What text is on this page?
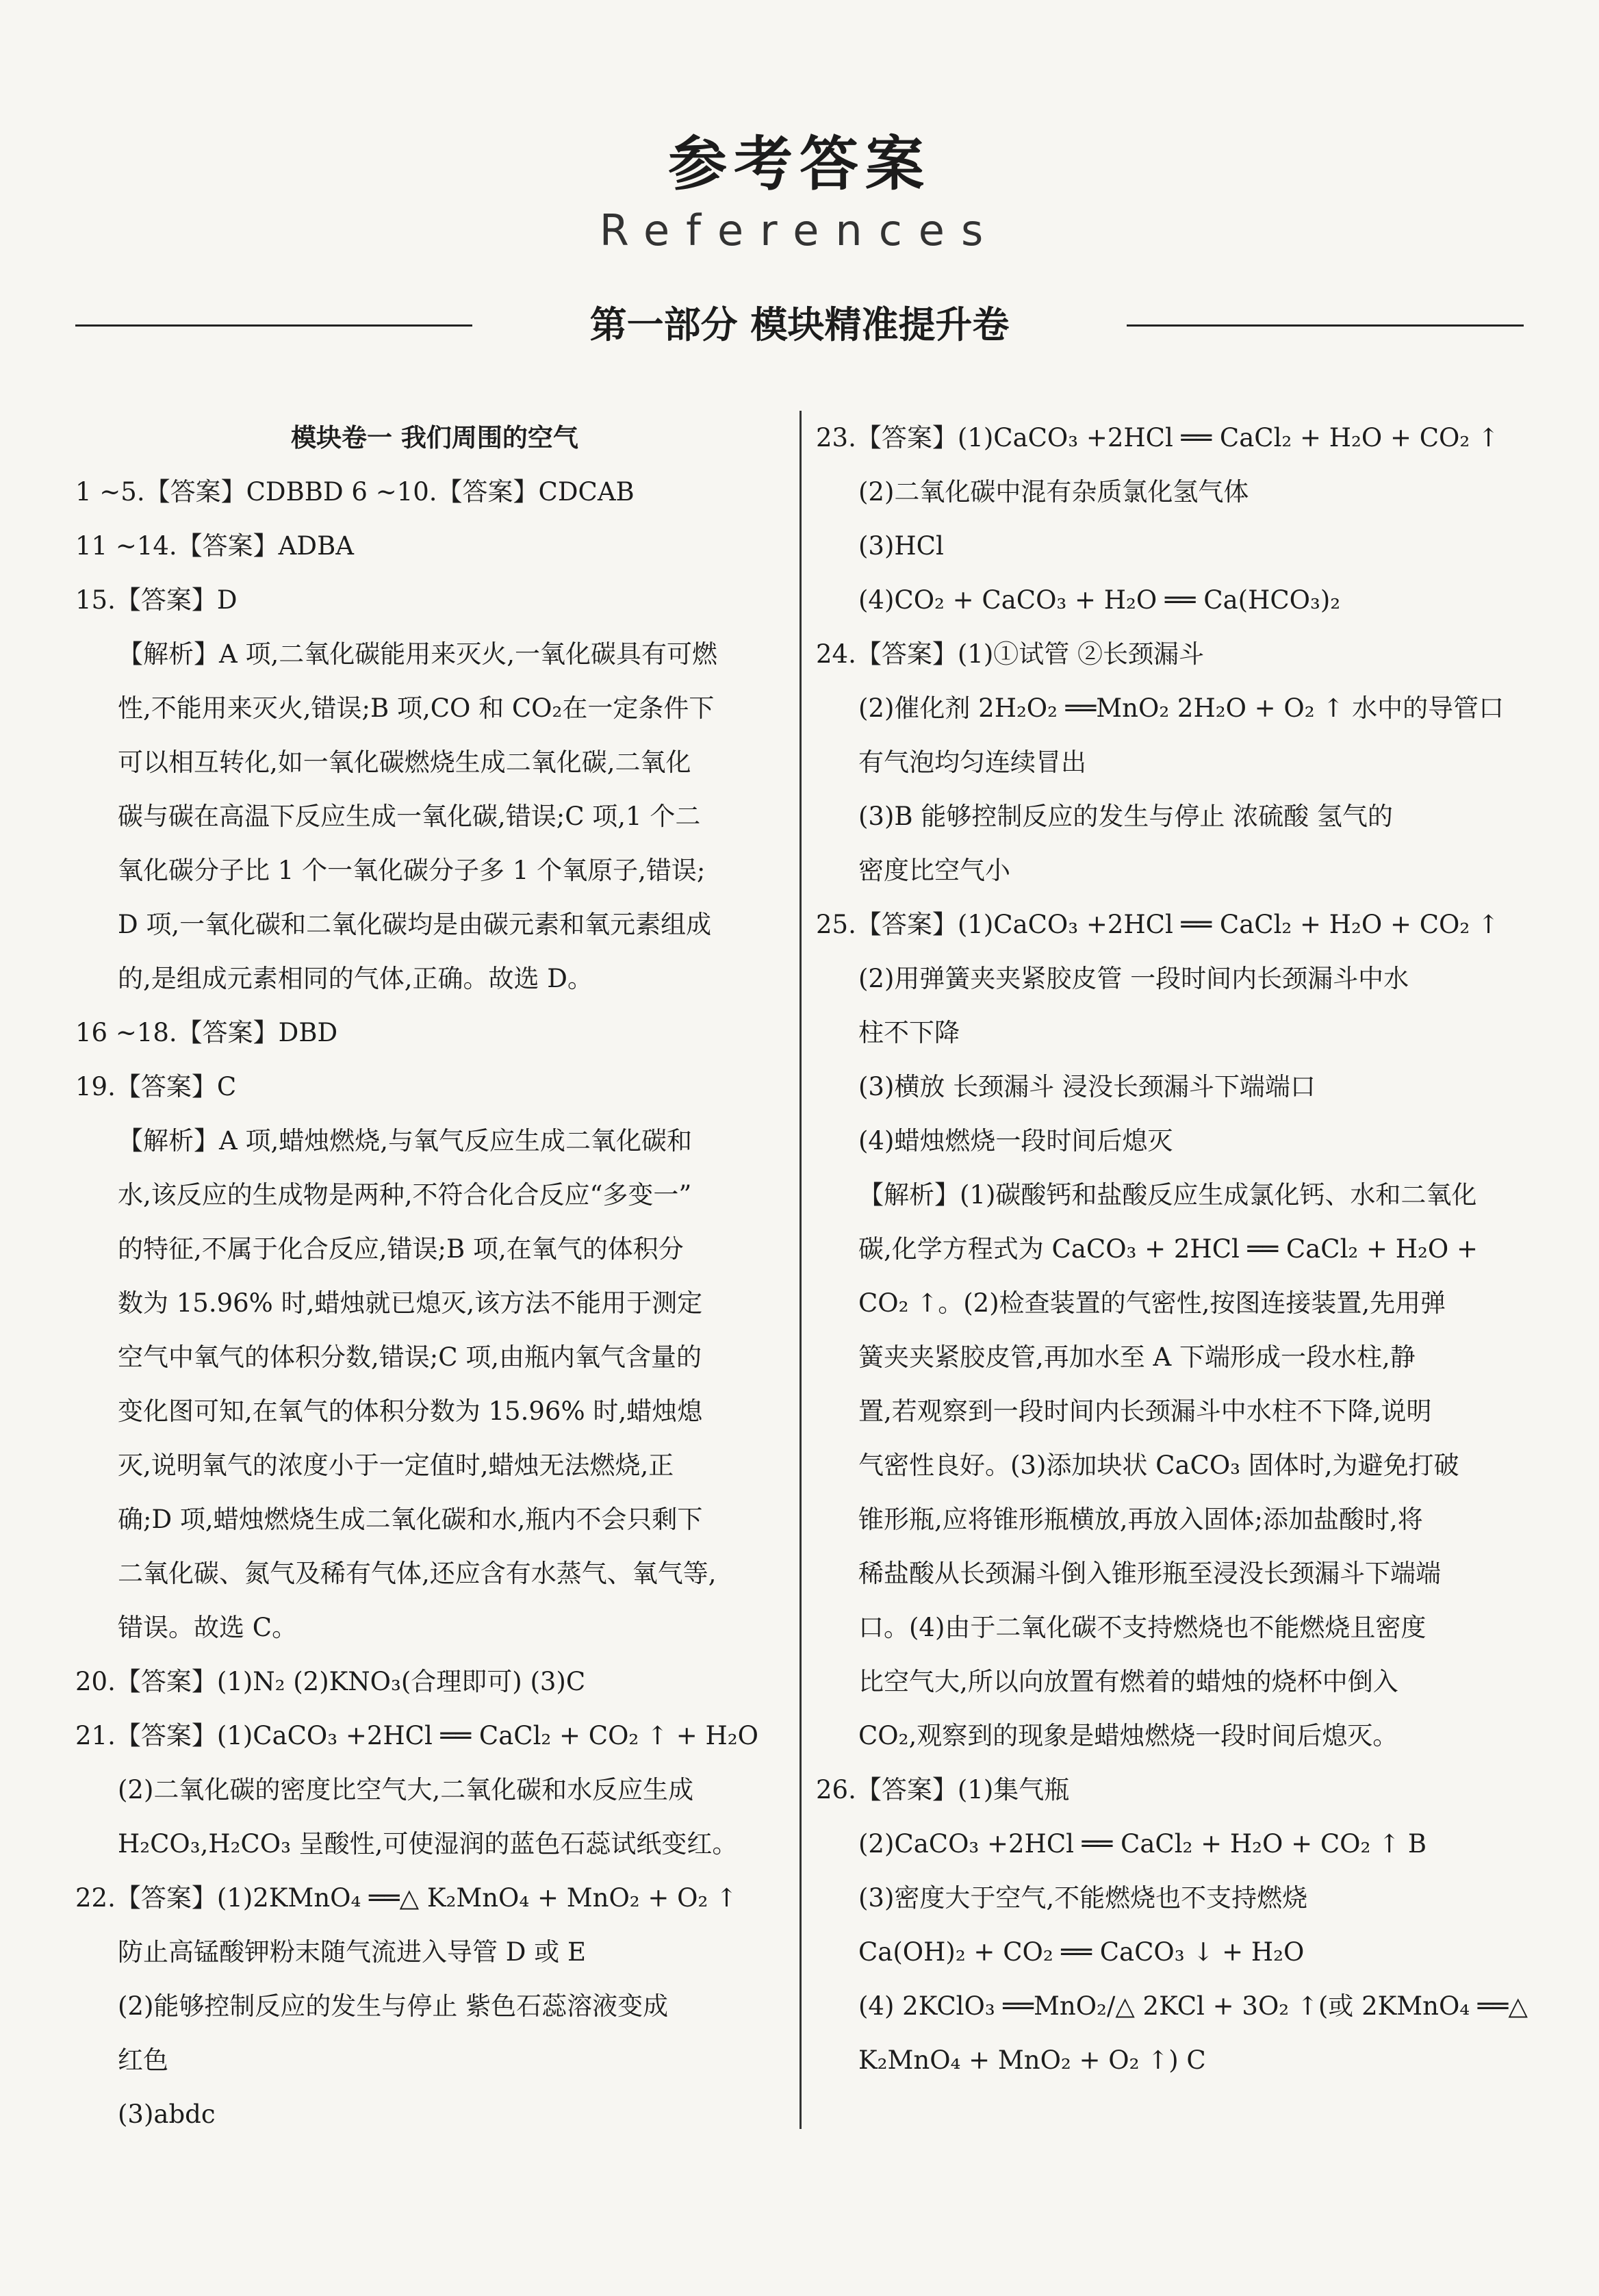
参考答案
References
第一部分 模块精准提升卷
模块卷一 我们周围的空气
1 ~5.【答案】CDBBD 6 ~10.【答案】CDCAB
11 ~14.【答案】ADBA
15.【答案】D
【解析】A 项,二氧化碳能用来灭火,一氧化碳具有可燃
性,不能用来灭火,错误;B 项,CO 和 CO₂在一定条件下
可以相互转化,如一氧化碳燃烧生成二氧化碳,二氧化
碳与碳在高温下反应生成一氧化碳,错误;C 项,1 个二
氧化碳分子比 1 个一氧化碳分子多 1 个氧原子,错误;
D 项,一氧化碳和二氧化碳均是由碳元素和氧元素组成
的,是组成元素相同的气体,正确。故选 D。
16 ~18.【答案】DBD
19.【答案】C
【解析】A 项,蜡烛燃烧,与氧气反应生成二氧化碳和
水,该反应的生成物是两种,不符合化合反应“多变一”
的特征,不属于化合反应,错误;B 项,在氧气的体积分
数为 15.96% 时,蜡烛就已熄灭,该方法不能用于测定
空气中氧气的体积分数,错误;C 项,由瓶内氧气含量的
变化图可知,在氧气的体积分数为 15.96% 时,蜡烛熄
灭,说明氧气的浓度小于一定值时,蜡烛无法燃烧,正
确;D 项,蜡烛燃烧生成二氧化碳和水,瓶内不会只剩下
二氧化碳、氮气及稀有气体,还应含有水蒸气、氧气等,
错误。故选 C。
20.【答案】(1)N₂ (2)KNO₃(合理即可) (3)C
21.【答案】(1)CaCO₃ +2HCl ══ CaCl₂ + CO₂ ↑ + H₂O
(2)二氧化碳的密度比空气大,二氧化碳和水反应生成
H₂CO₃,H₂CO₃ 呈酸性,可使湿润的蓝色石蕊试纸变红。
22.【答案】(1)2KMnO₄ ══△ K₂MnO₄ + MnO₂ + O₂ ↑
防止高锰酸钾粉末随气流进入导管 D 或 E
(2)能够控制反应的发生与停止 紫色石蕊溶液变成
红色
(3)abdc
23.【答案】(1)CaCO₃ +2HCl ══ CaCl₂ + H₂O + CO₂ ↑
(2)二氧化碳中混有杂质氯化氢气体
(3)HCl
(4)CO₂ + CaCO₃ + H₂O ══ Ca(HCO₃)₂
24.【答案】(1)①试管 ②长颈漏斗
(2)催化剂 2H₂O₂ ══MnO₂ 2H₂O + O₂ ↑ 水中的导管口
有气泡均匀连续冒出
(3)B 能够控制反应的发生与停止 浓硫酸 氢气的
密度比空气小
25.【答案】(1)CaCO₃ +2HCl ══ CaCl₂ + H₂O + CO₂ ↑
(2)用弹簧夹夹紧胶皮管 一段时间内长颈漏斗中水
柱不下降
(3)横放 长颈漏斗 浸没长颈漏斗下端端口
(4)蜡烛燃烧一段时间后熄灭
【解析】(1)碳酸钙和盐酸反应生成氯化钙、水和二氧化
碳,化学方程式为 CaCO₃ + 2HCl ══ CaCl₂ + H₂O +
CO₂ ↑。(2)检查装置的气密性,按图连接装置,先用弹
簧夹夹紧胶皮管,再加水至 A 下端形成一段水柱,静
置,若观察到一段时间内长颈漏斗中水柱不下降,说明
气密性良好。(3)添加块状 CaCO₃ 固体时,为避免打破
锥形瓶,应将锥形瓶横放,再放入固体;添加盐酸时,将
稀盐酸从长颈漏斗倒入锥形瓶至浸没长颈漏斗下端端
口。(4)由于二氧化碳不支持燃烧也不能燃烧且密度
比空气大,所以向放置有燃着的蜡烛的烧杯中倒入
CO₂,观察到的现象是蜡烛燃烧一段时间后熄灭。
26.【答案】(1)集气瓶
(2)CaCO₃ +2HCl ══ CaCl₂ + H₂O + CO₂ ↑ B
(3)密度大于空气,不能燃烧也不支持燃烧
Ca(OH)₂ + CO₂ ══ CaCO₃ ↓ + H₂O
(4) 2KClO₃ ══MnO₂/△ 2KCl + 3O₂ ↑(或 2KMnO₄ ══△
K₂MnO₄ + MnO₂ + O₂ ↑) C
